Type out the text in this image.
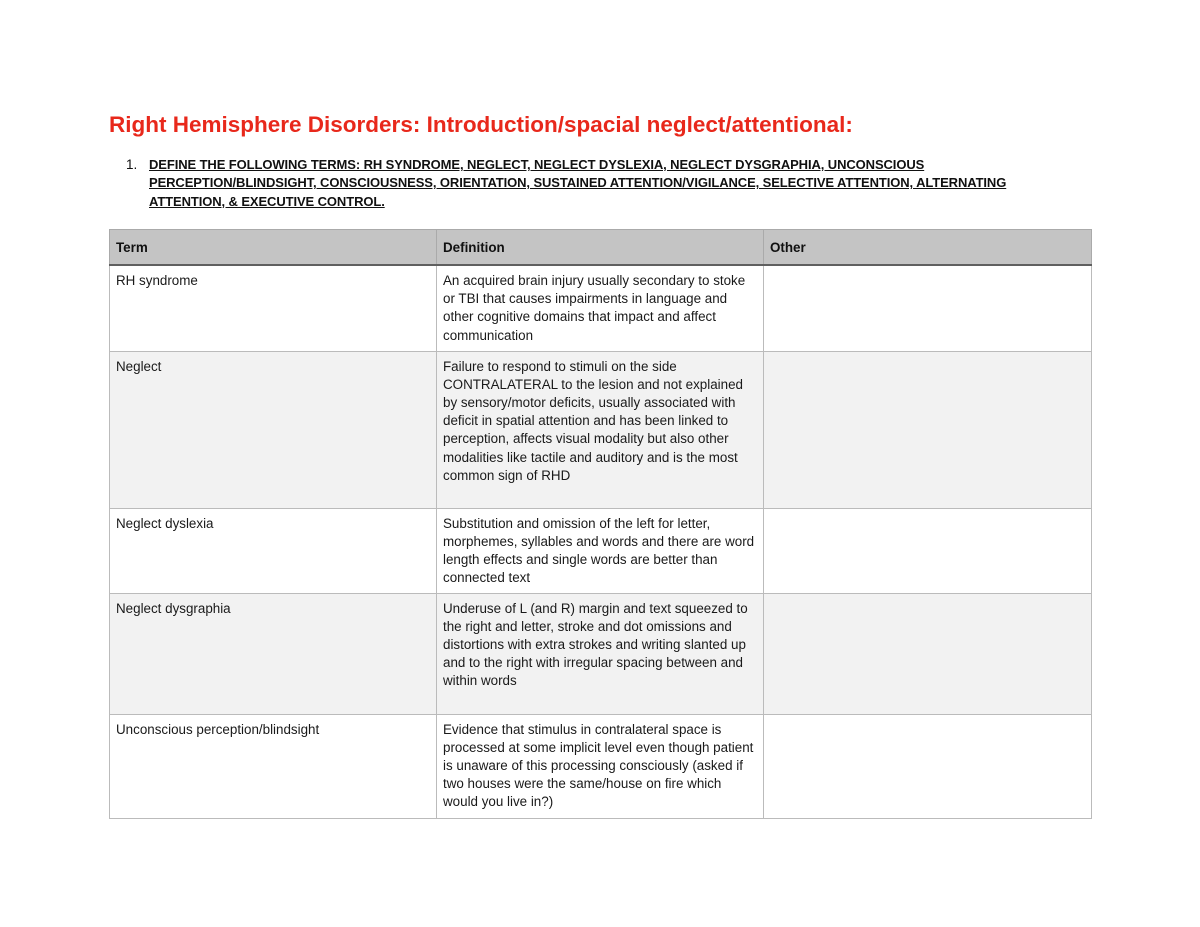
Right Hemisphere Disorders: Introduction/spacial neglect/attentional:
1. DEFINE THE FOLLOWING TERMS: RH SYNDROME, NEGLECT, NEGLECT DYSLEXIA, NEGLECT DYSGRAPHIA, UNCONSCIOUS PERCEPTION/BLINDSIGHT, CONSCIOUSNESS, ORIENTATION, SUSTAINED ATTENTION/VIGILANCE, SELECTIVE ATTENTION, ALTERNATING ATTENTION, & EXECUTIVE CONTROL.
Term	Definition	Other
RH syndrome	An acquired brain injury usually secondary to stoke or TBI that causes impairments in language and other cognitive domains that impact and affect communication	
Neglect	Failure to respond to stimuli on the side CONTRALATERAL to the lesion and not explained by sensory/motor deficits, usually associated with deficit in spatial attention and has been linked to perception, affects visual modality but also other modalities like tactile and auditory and is the most common sign of RHD	
Neglect dyslexia	Substitution and omission of the left for letter, morphemes, syllables and words and there are word length effects and single words are better than connected text	
Neglect dysgraphia	Underuse of L (and R) margin and text squeezed to the right and letter, stroke and dot omissions and distortions with extra strokes and writing slanted up and to the right with irregular spacing between and within words	
Unconscious perception/blindsight	Evidence that stimulus in contralateral space is processed at some implicit level even though patient is unaware of this processing consciously (asked if two houses were the same/house on fire which would you live in?)	
